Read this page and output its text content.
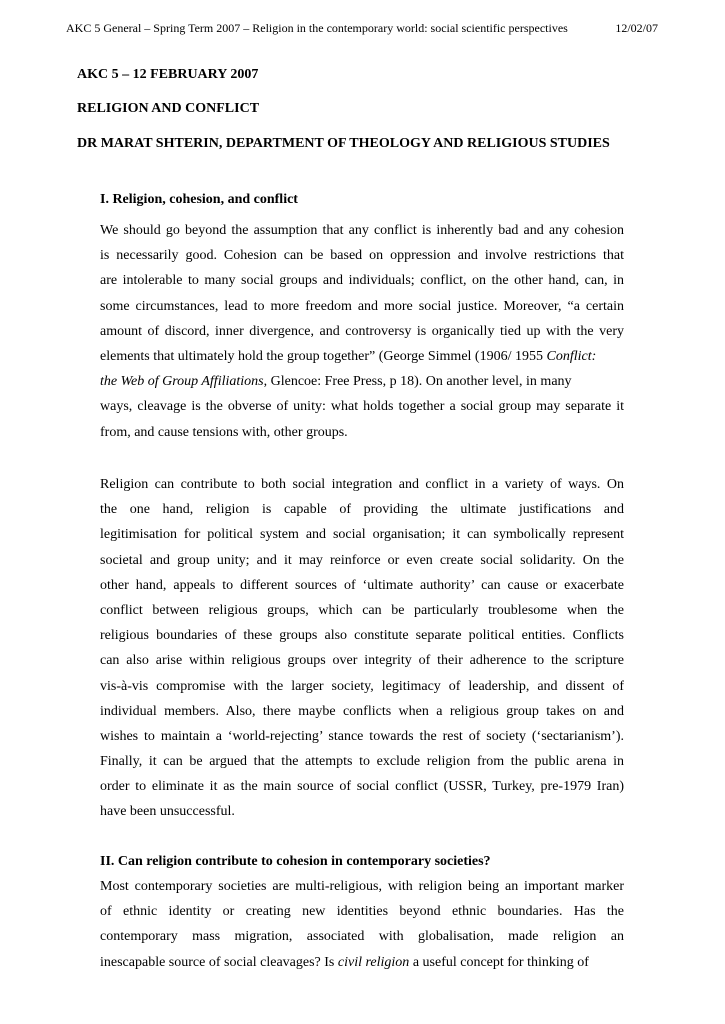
AKC 5 General – Spring Term 2007 – Religion in the contemporary world: social scientific perspectives	12/02/07
AKC 5 – 12 FEBRUARY 2007
RELIGION AND CONFLICT
DR MARAT SHTERIN, DEPARTMENT OF THEOLOGY AND RELIGIOUS STUDIES
I. Religion, cohesion, and conflict
We should go beyond the assumption that any conflict is inherently bad and any cohesion
is necessarily good. Cohesion can be based on oppression and involve restrictions that
are intolerable to many social groups and individuals; conflict, on the other hand, can, in
some circumstances, lead to more freedom and more social justice. Moreover, “a certain
amount of discord, inner divergence, and controversy is organically tied up with the very
elements that ultimately hold the group together” (George Simmel (1906/ 1955 Conflict:
the Web of Group Affiliations, Glencoe: Free Press, p 18). On another level, in many
ways, cleavage is the obverse of unity: what holds together a social group may separate it
from, and cause tensions with, other groups.
Religion can contribute to both social integration and conflict in a variety of ways. On
the one hand, religion is capable of providing the ultimate justifications and
legitimisation for political system and social organisation; it can symbolically represent
societal and group unity; and it may reinforce or even create social solidarity. On the
other hand, appeals to different sources of ‘ultimate authority’ can cause or exacerbate
conflict between religious groups, which can be particularly troublesome when the
religious boundaries of these groups also constitute separate political entities. Conflicts
can also arise within religious groups over integrity of their adherence to the scripture
vis-à-vis compromise with the larger society, legitimacy of leadership, and dissent of
individual members. Also, there maybe conflicts when a religious group takes on and
wishes to maintain a ‘world-rejecting’ stance towards the rest of society (‘sectarianism’).
Finally, it can be argued that the attempts to exclude religion from the public arena in
order to eliminate it as the main source of social conflict (USSR, Turkey, pre-1979 Iran)
have been unsuccessful.
II. Can religion contribute to cohesion in contemporary societies?
Most contemporary societies are multi-religious, with religion being an important marker
of ethnic identity or creating new identities beyond ethnic boundaries. Has the
contemporary mass migration, associated with globalisation, made religion an
inescapable source of social cleavages? Is civil religion a useful concept for thinking of
